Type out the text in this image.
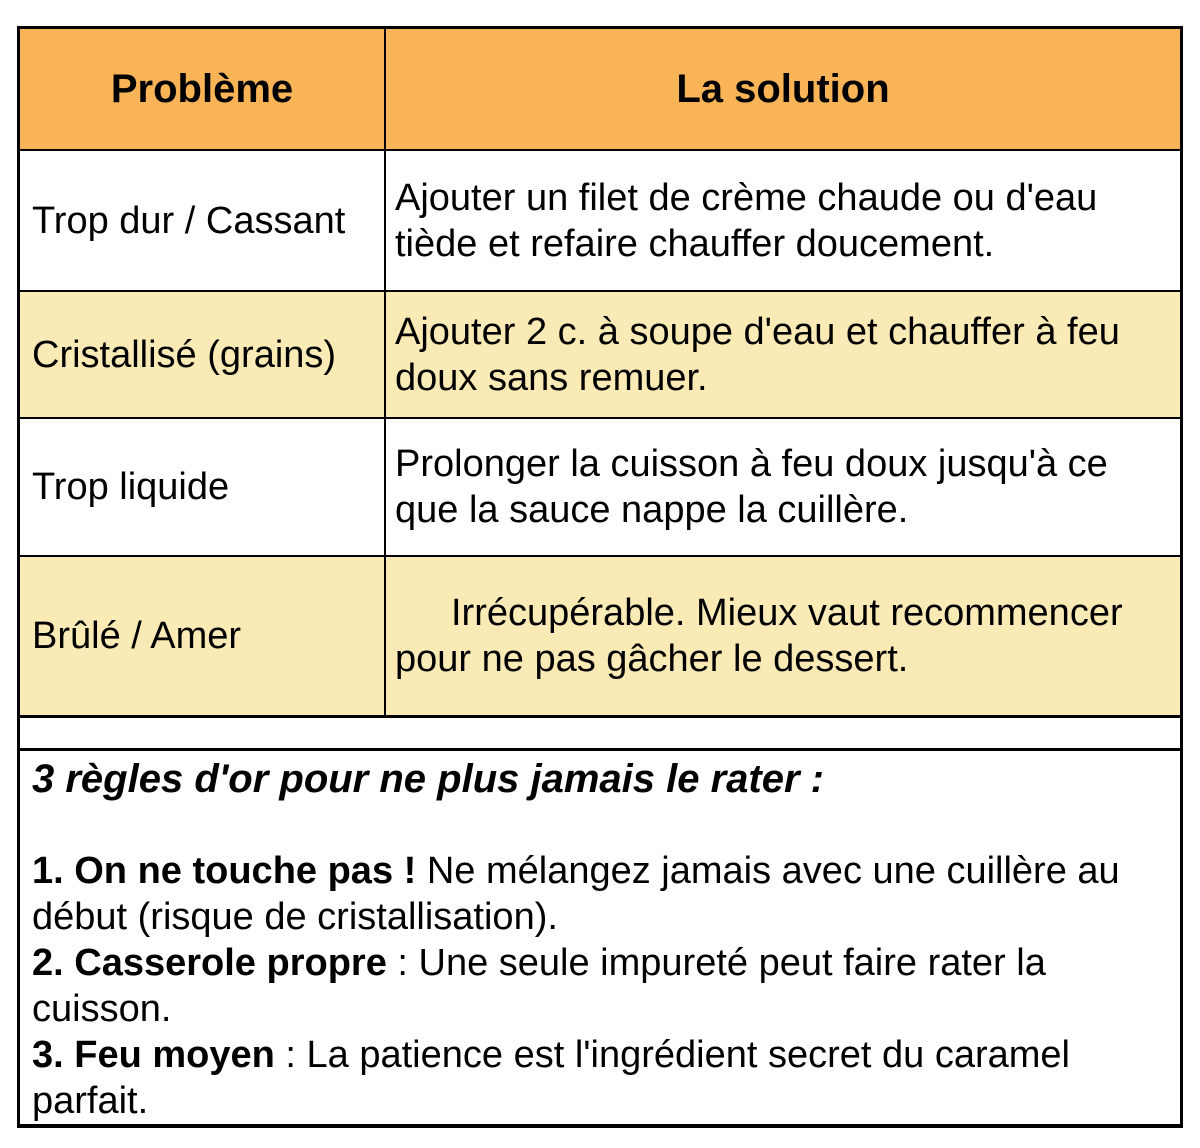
Problème	La solution
Trop dur / Cassant
Ajouter un filet de crème chaude ou d'eau
tiède et refaire chauffer doucement.
Cristallisé (grains)
Ajouter 2 c. à soupe d'eau et chauffer à feu
doux sans remuer.
Trop liquide
Prolonger la cuisson à feu doux jusqu'à ce
que la sauce nappe la cuillère.
Brûlé / Amer
Irrécupérable. Mieux vaut recommencer
pour ne pas gâcher le dessert.

3 règles d'or pour ne plus jamais le rater :

1. On ne touche pas ! Ne mélangez jamais avec une cuillère au
début (risque de cristallisation).

2. Casserole propre : Une seule impureté peut faire rater la
cuisson.

3. Feu moyen : La patience est l'ingrédient secret du caramel
parfait.
